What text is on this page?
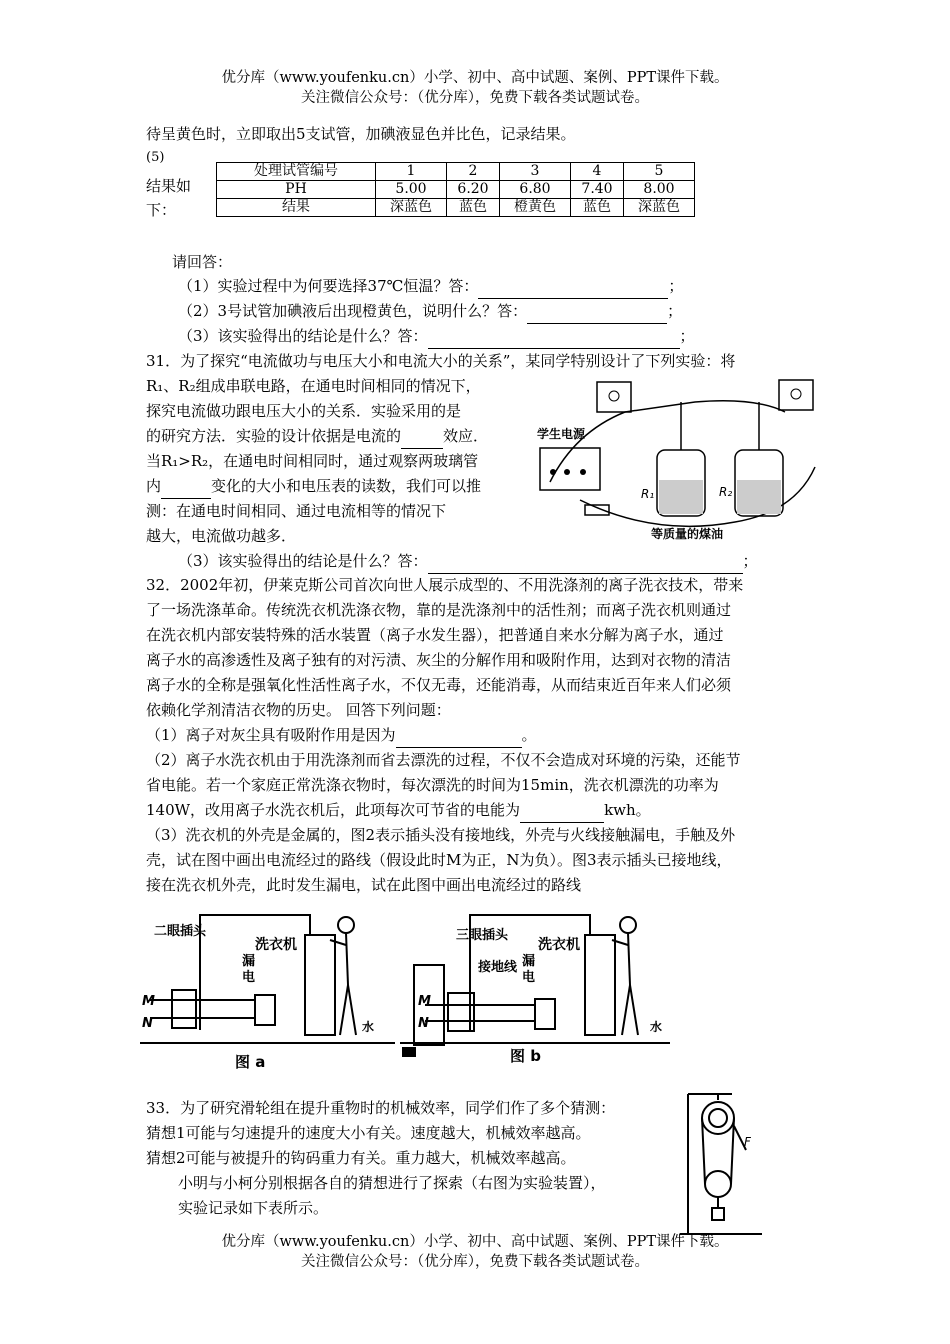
优分库（www.youfenku.cn）小学、初中、高中试题、案例、PPT课件下载。
关注微信公众号：（优分库），免费下载各类试题试卷。
待呈黄色时，立即取出5支试管，加碘液显色并比色，记录结果。
(5)
结果如
下：
处理试管编号	1	2	3	4	5
PH	5.00	6.20	6.80	7.40	8.00
结果	深蓝色	蓝色	橙黄色	蓝色	深蓝色
请回答：
（1）实验过程中为何要选择37℃恒温？答：	；
（2）3号试管加碘液后出现橙黄色，说明什么？答：	；
（3）该实验得出的结论是什么？答：	；
31．为了探究“电流做功与电压大小和电流大小的关系”，某同学特别设计了下列实验：将
R₁、R₂组成串联电路，在通电时间相同的情况下，
探究电流做功跟电压大小的关系．实验采用的是
的研究方法．实验的设计依据是电流的	效应．
当R₁>R₂，在通电时间相同时，通过观察两玻璃管
内	变化的大小和电压表的读数，我们可以推
测：在通电时间相同、通过电流相等的情况下
越大，电流做功越多．
学生电源
R₁	R₂
等质量的煤油
（3）该实验得出的结论是什么？答：	；
32．2002年初，伊莱克斯公司首次向世人展示成型的、不用洗涤剂的离子洗衣技术，带来
了一场洗涤革命。传统洗衣机洗涤衣物，靠的是洗涤剂中的活性剂；而离子洗衣机则通过
在洗衣机内部安装特殊的活水装置（离子水发生器），把普通自来水分解为离子水，通过
离子水的高渗透性及离子独有的对污渍、灰尘的分解作用和吸附作用，达到对衣物的清洁
离子水的全称是强氧化性活性离子水，不仅无毒，还能消毒，从而结束近百年来人们必须
依赖化学剂清洁衣物的历史。 回答下列问题：
（1）离子对灰尘具有吸附作用是因为	。
（2）离子水洗衣机由于用洗涤剂而省去漂洗的过程，不仅不会造成对环境的污染，还能节
省电能。若一个家庭正常洗涤衣物时，每次漂洗的时间为15min，洗衣机漂洗的功率为
140W，改用离子水洗衣机后，此项每次可节省的电能为	kwh。
（3）洗衣机的外壳是金属的，图2表示插头没有接地线，外壳与火线接触漏电，手触及外
壳，试在图中画出电流经过的路线（假设此时M为正，N为负）。图3表示插头已接地线，
接在洗衣机外壳，此时发生漏电，试在此图中画出电流经过的路线
二眼插头
洗衣机
漏
电
M
N	水
图 a
三眼插头
洗衣机
接地线 漏
电
M
N	水
图 b
33．为了研究滑轮组在提升重物时的机械效率，同学们作了多个猜测：
猜想1可能与匀速提升的速度大小有关。速度越大，机械效率越高。
猜想2可能与被提升的钩码重力有关。重力越大，机械效率越高。
小明与小柯分别根据各自的猜想进行了探索（右图为实验装置），
实验记录如下表所示。
F
优分库（www.youfenku.cn）小学、初中、高中试题、案例、PPT课件下载。
关注微信公众号：（优分库），免费下载各类试题试卷。
